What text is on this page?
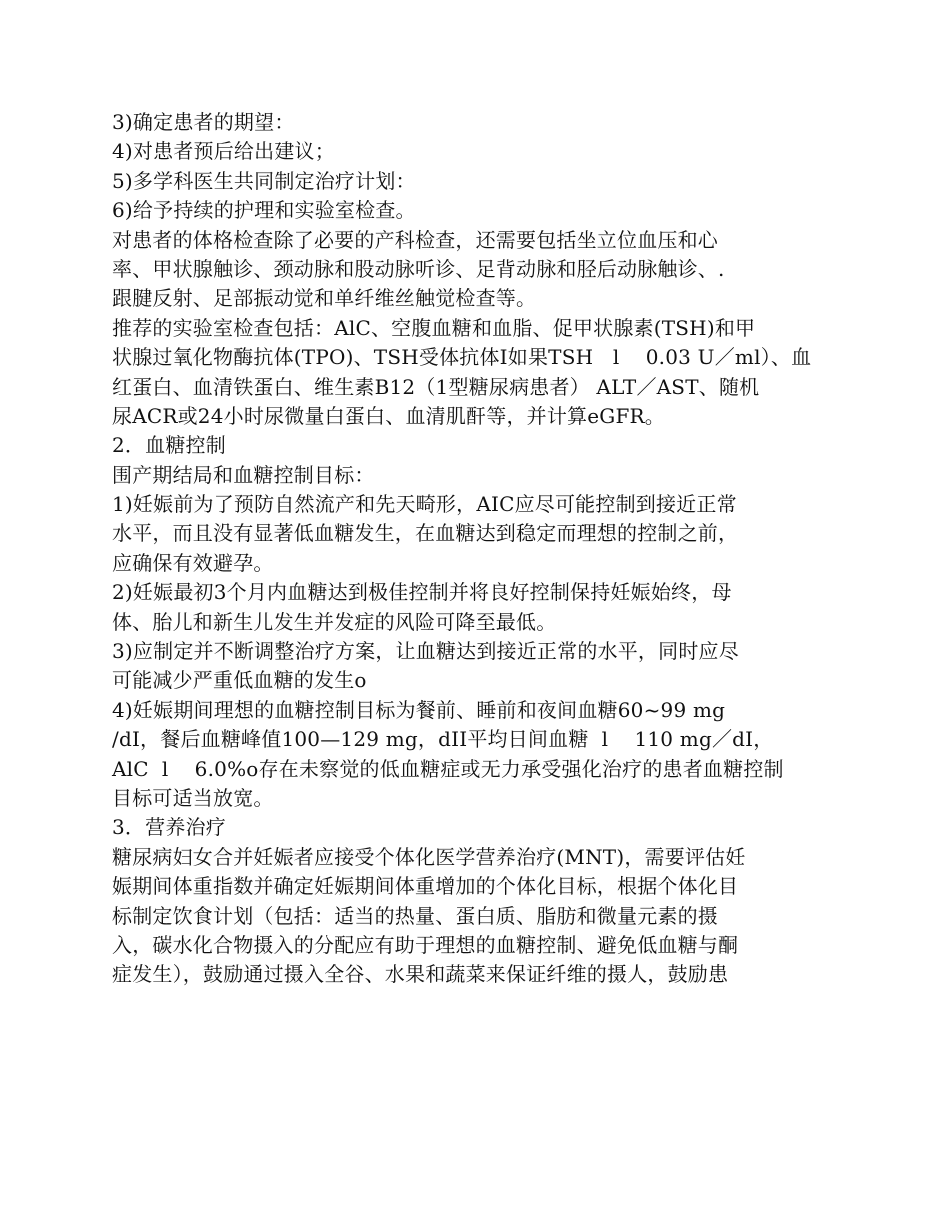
3)确定患者的期望：
4)对患者预后给出建议；
5)多学科医生共同制定治疗计划：
6)给予持续的护理和实验室检查。
对患者的体格检查除了必要的产科检查，还需要包括坐立位血压和心
率、甲状腺触诊、颈动脉和股动脉听诊、足背动脉和胫后动脉触诊、.
跟腱反射、足部振动觉和单纤维丝触觉检查等。
推荐的实验室检查包括：AlC、空腹血糖和血脂、促甲状腺素(TSH)和甲
状腺过氧化物酶抗体(TPO)、TSH受体抗体I如果TSH   l    0.03 U／ml）、血
红蛋白、血清铁蛋白、维生素B12（1型糖尿病患者） ALT／AST、随机
尿ACR或24小时尿微量白蛋白、血清肌酐等，并计算eGFR。
2．血糖控制
围产期结局和血糖控制目标：
1)妊娠前为了预防自然流产和先天畸形，AIC应尽可能控制到接近正常
水平，而且没有显著低血糖发生，在血糖达到稳定而理想的控制之前，
应确保有效避孕。
2)妊娠最初3个月内血糖达到极佳控制并将良好控制保持妊娠始终，母
体、胎儿和新生儿发生并发症的风险可降至最低。
3)应制定并不断调整治疗方案，让血糖达到接近正常的水平，同时应尽
可能减少严重低血糖的发生o
4)妊娠期间理想的血糖控制目标为餐前、睡前和夜间血糖60~99 mg
/dI，餐后血糖峰值100—129 mg，dII平均日间血糖  l    110 mg／dI，
AlC  l    6.0%o存在未察觉的低血糖症或无力承受强化治疗的患者血糖控制
目标可适当放宽。
3．营养治疗
糖尿病妇女合并妊娠者应接受个体化医学营养治疗(MNT)，需要评估妊
娠期间体重指数并确定妊娠期间体重增加的个体化目标，根据个体化目
标制定饮食计划（包括：适当的热量、蛋白质、脂肪和微量元素的摄
入，碳水化合物摄入的分配应有助于理想的血糖控制、避免低血糖与酮
症发生），鼓励通过摄入全谷、水果和蔬菜来保证纤维的摄人，鼓励患
